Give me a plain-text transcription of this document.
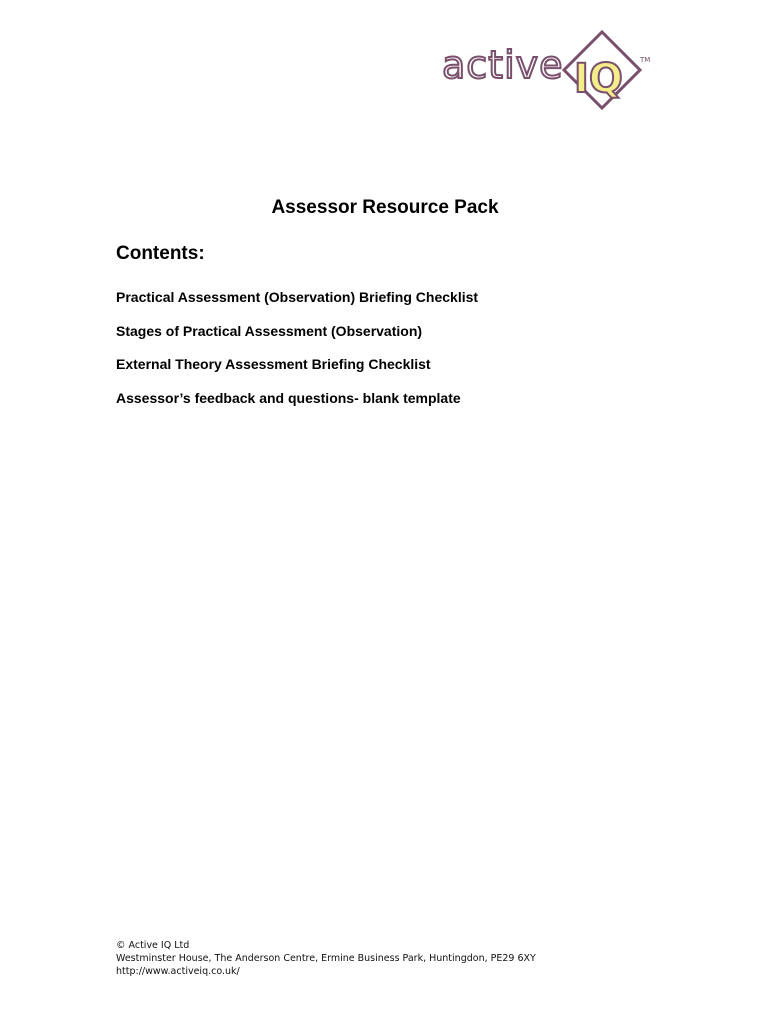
active IQ TM
Assessor Resource Pack
Contents:
Practical Assessment (Observation) Briefing Checklist
Stages of Practical Assessment (Observation)
External Theory Assessment Briefing Checklist
Assessor’s feedback and questions- blank template
© Active IQ Ltd
Westminster House, The Anderson Centre, Ermine Business Park, Huntingdon, PE29 6XY
http://www.activeiq.co.uk/
